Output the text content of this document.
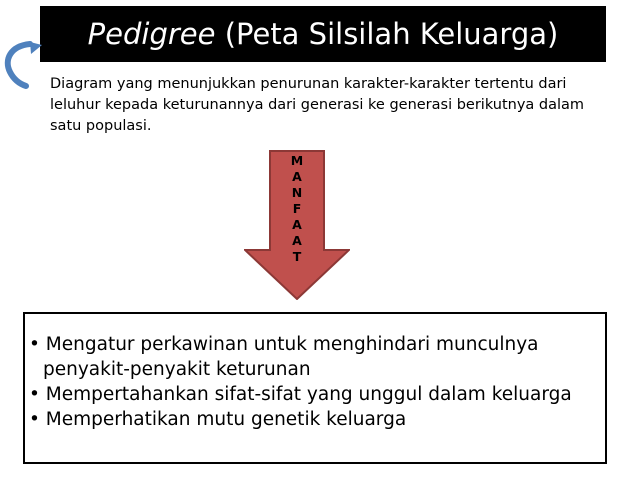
Pedigree (Peta Silsilah Keluarga)
Diagram yang menunjukkan penurunan karakter-karakter tertentu dari leluhur kepada keturunannya dari generasi ke generasi berikutnya dalam satu populasi.
M
A
N
F
A
A
T
• Mengatur perkawinan untuk menghindari munculnya
penyakit-penyakit keturunan
• Mempertahankan sifat-sifat yang unggul dalam keluarga
• Memperhatikan mutu genetik keluarga
